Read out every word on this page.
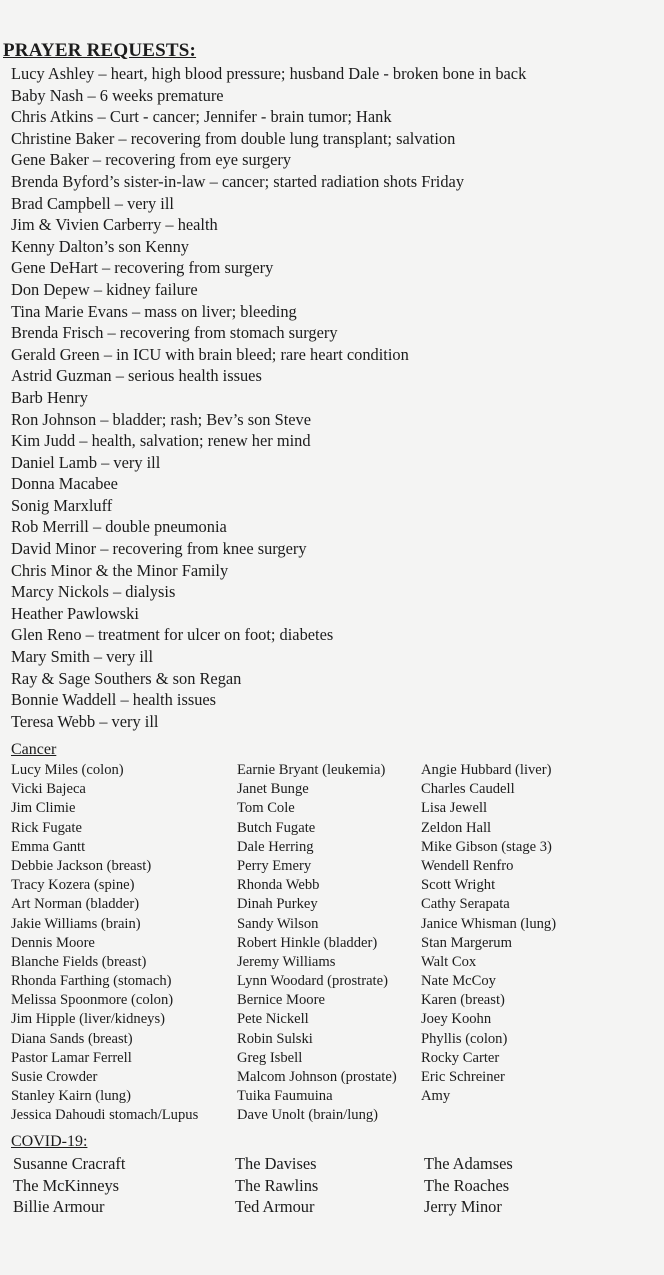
PRAYER REQUESTS:
Lucy Ashley – heart, high blood pressure; husband Dale - broken bone in back
Baby Nash – 6 weeks premature
Chris Atkins – Curt - cancer; Jennifer - brain tumor; Hank
Christine Baker – recovering from double lung transplant; salvation
Gene Baker – recovering from eye surgery
Brenda Byford’s sister-in-law – cancer; started radiation shots Friday
Brad Campbell – very ill
Jim & Vivien Carberry – health
Kenny Dalton’s son Kenny
Gene DeHart – recovering from surgery
Don Depew – kidney failure
Tina Marie Evans – mass on liver; bleeding
Brenda Frisch – recovering from stomach surgery
Gerald Green – in ICU with brain bleed; rare heart condition
Astrid Guzman – serious health issues
Barb Henry
Ron Johnson – bladder; rash; Bev’s son Steve
Kim Judd – health, salvation; renew her mind
Daniel Lamb – very ill
Donna Macabee
Sonig Marxluff
Rob Merrill – double pneumonia
David Minor – recovering from knee surgery
Chris Minor & the Minor Family
Marcy Nickols – dialysis
Heather Pawlowski
Glen Reno – treatment for ulcer on foot; diabetes
Mary Smith – very ill
Ray & Sage Southers & son Regan
Bonnie Waddell – health issues
Teresa Webb – very ill
Cancer
Lucy Miles (colon)
Vicki Bajeca
Jim Climie
Rick Fugate
Emma Gantt
Debbie Jackson (breast)
Tracy Kozera (spine)
Art Norman (bladder)
Jakie Williams (brain)
Dennis Moore
Blanche Fields (breast)
Rhonda Farthing (stomach)
Melissa Spoonmore (colon)
Jim Hipple (liver/kidneys)
Diana Sands (breast)
Pastor Lamar Ferrell
Susie Crowder
Stanley Kairn (lung)
Jessica Dahoudi stomach/Lupus
Earnie Bryant (leukemia)
Janet Bunge
Tom Cole
Butch Fugate
Dale Herring
Perry Emery
Rhonda Webb
Dinah Purkey
Sandy Wilson
Robert Hinkle (bladder)
Jeremy Williams
Lynn Woodard (prostrate)
Bernice Moore
Pete Nickell
Robin Sulski
Greg Isbell
Malcom Johnson (prostate)
Tuika Faumuina
Dave Unolt (brain/lung)
Angie Hubbard (liver)
Charles Caudell
Lisa Jewell
Zeldon Hall
Mike Gibson (stage 3)
Wendell Renfro
Scott Wright
Cathy Serapata
Janice Whisman (lung)
Stan Margerum
Walt Cox
Nate McCoy
Karen (breast)
Joey Koohn
Phyllis (colon)
Rocky Carter
Eric Schreiner
Amy
COVID-19:
Susanne Cracraft
The McKinneys
Billie Armour
The Davises
The Rawlins
Ted Armour
The Adamses
The Roaches
Jerry Minor
